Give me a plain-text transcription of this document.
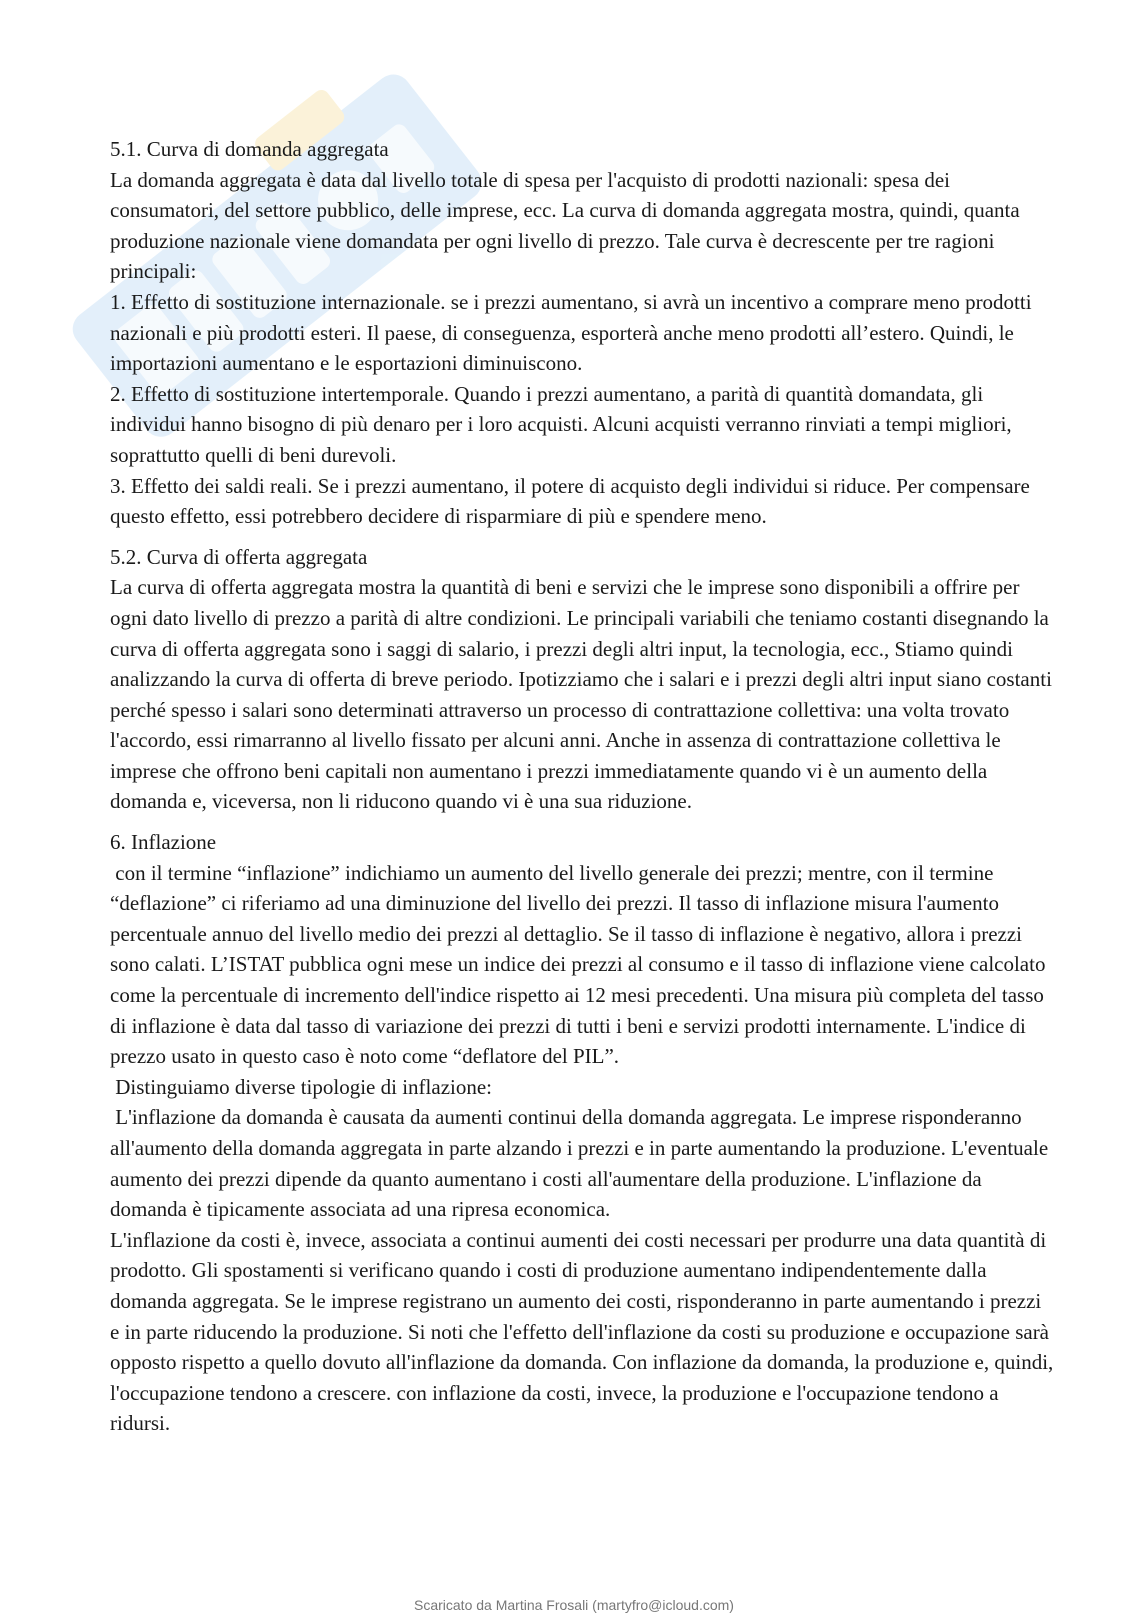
5.1. Curva di domanda aggregata

La domanda aggregata è data dal livello totale di spesa per l'acquisto di prodotti nazionali: spesa dei consumatori, del settore pubblico, delle imprese, ecc. La curva di domanda aggregata mostra, quindi, quanta produzione nazionale viene domandata per ogni livello di prezzo. Tale curva è decrescente per tre ragioni principali:

1. Effetto di sostituzione internazionale. se i prezzi aumentano, si avrà un incentivo a comprare meno prodotti nazionali e più prodotti esteri. Il paese, di conseguenza, esporterà anche meno prodotti all’estero. Quindi, le importazioni aumentano e le esportazioni diminuiscono.

2. Effetto di sostituzione intertemporale. Quando i prezzi aumentano, a parità di quantità domandata, gli individui hanno bisogno di più denaro per i loro acquisti. Alcuni acquisti verranno rinviati a tempi migliori, soprattutto quelli di beni durevoli.

3. Effetto dei saldi reali. Se i prezzi aumentano, il potere di acquisto degli individui si riduce. Per compensare questo effetto, essi potrebbero decidere di risparmiare di più e spendere meno.

5.2. Curva di offerta aggregata

La curva di offerta aggregata mostra la quantità di beni e servizi che le imprese sono disponibili a offrire per ogni dato livello di prezzo a parità di altre condizioni. Le principali variabili che teniamo costanti disegnando la curva di offerta aggregata sono i saggi di salario, i prezzi degli altri input, la tecnologia, ecc., Stiamo quindi analizzando la curva di offerta di breve periodo. Ipotizziamo che i salari e i prezzi degli altri input siano costanti perché spesso i salari sono determinati attraverso un processo di contrattazione collettiva: una volta trovato l'accordo, essi rimarranno al livello fissato per alcuni anni. Anche in assenza di contrattazione collettiva le imprese che offrono beni capitali non aumentano i prezzi immediatamente quando vi è un aumento della domanda e, viceversa, non li riducono quando vi è una sua riduzione.

6. Inflazione

con il termine “inflazione” indichiamo un aumento del livello generale dei prezzi; mentre, con il termine “deflazione” ci riferiamo ad una diminuzione del livello dei prezzi. Il tasso di inflazione misura l'aumento percentuale annuo del livello medio dei prezzi al dettaglio. Se il tasso di inflazione è negativo, allora i prezzi sono calati. L’ISTAT pubblica ogni mese un indice dei prezzi al consumo e il tasso di inflazione viene calcolato come la percentuale di incremento dell'indice rispetto ai 12 mesi precedenti. Una misura più completa del tasso di inflazione è data dal tasso di variazione dei prezzi di tutti i beni e servizi prodotti internamente. L'indice di prezzo usato in questo caso è noto come “deflatore del PIL”.

Distinguiamo diverse tipologie di inflazione:

L'inflazione da domanda è causata da aumenti continui della domanda aggregata. Le imprese risponderanno all'aumento della domanda aggregata in parte alzando i prezzi e in parte aumentando la produzione. L'eventuale aumento dei prezzi dipende da quanto aumentano i costi all'aumentare della produzione. L'inflazione da domanda è tipicamente associata ad una ripresa economica.

L'inflazione da costi è, invece, associata a continui aumenti dei costi necessari per produrre una data quantità di prodotto. Gli spostamenti si verificano quando i costi di produzione aumentano indipendentemente dalla domanda aggregata. Se le imprese registrano un aumento dei costi, risponderanno in parte aumentando i prezzi e in parte riducendo la produzione. Si noti che l'effetto dell'inflazione da costi su produzione e occupazione sarà opposto rispetto a quello dovuto all'inflazione da domanda. Con inflazione da domanda, la produzione e, quindi, l'occupazione tendono a crescere. con inflazione da costi, invece, la produzione e l'occupazione tendono a ridursi.

Scaricato da Martina Frosali (martyfro@icloud.com)
